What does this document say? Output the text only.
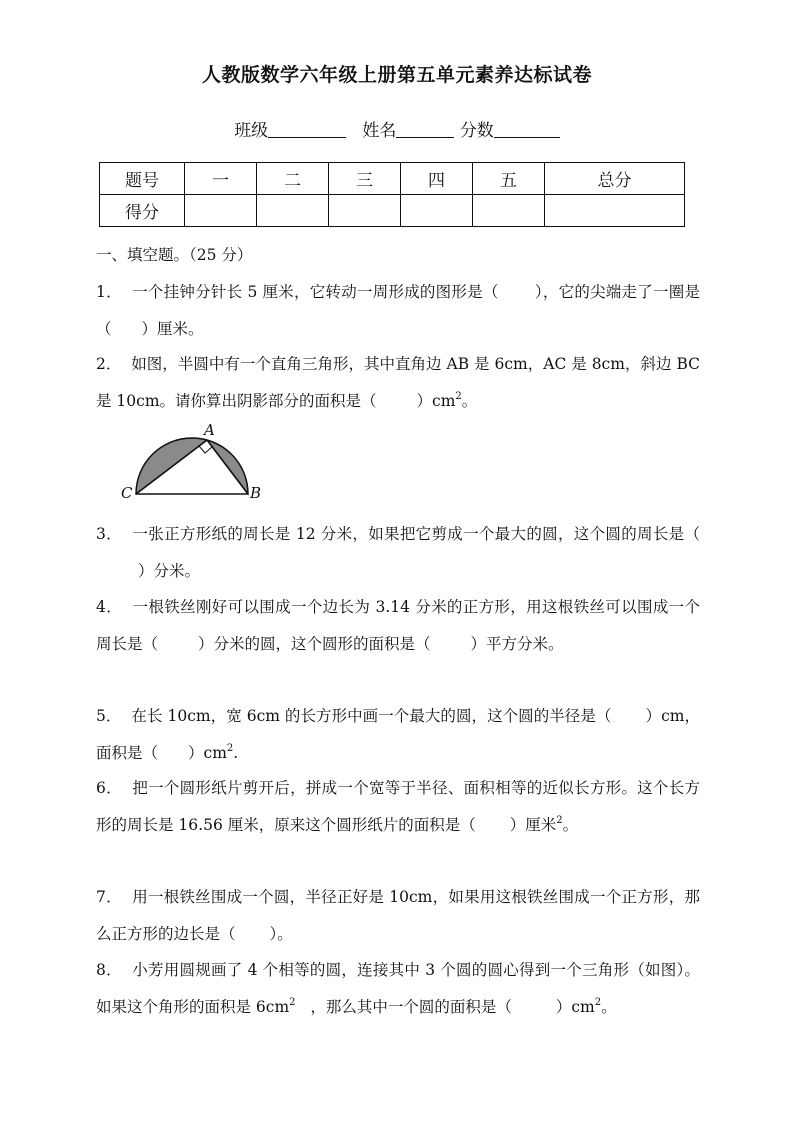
人教版数学六年级上册第五单元素养达标试卷
班级	姓名	分数
题号	一	二	三	四	五	总分
得分						

一、填空题。（25 分）

1． 一个挂钟分针长 5 厘米，它转动一周形成的图形是（ ），它的尖端走了一圈是（ ）厘米。

2． 如图，半圆中有一个直角三角形，其中直角边 AB 是 6cm，AC 是 8cm，斜边 BC 是 10cm。请你算出阴影部分的面积是（	）$cm^2$。

A
B
C

3． 一张正方形纸的周长是 12 分米，如果把它剪成一个最大的圆，这个圆的周长是（）分米。

4． 一根铁丝刚好可以围成一个边长为 3.14 分米的正方形，用这根铁丝可以围成一个周长是（	）分米的圆，这个圆形的面积是（	）平方分米。

5． 在长 10cm，宽 6cm 的长方形中画一个最大的圆，这个圆的半径是（ ）cm，面积是（ ）$cm^2$.

6． 把一个圆形纸片剪开后，拼成一个宽等于半径、面积相等的近似长方形。这个长方形的周长是 16.56 厘米，原来这个圆形纸片的面积是（ ）厘米$^2$。

7． 用一根铁丝围成一个圆，半径正好是 10cm，如果用这根铁丝围成一个正方形，那么正方形的边长是（ ）。

8． 小芳用圆规画了 4 个相等的圆，连接其中 3 个圆的圆心得到一个三角形（如图）。如果这个角形的面积是 $6cm^2$ ，那么其中一个圆的面积是（	）$cm^2$。
